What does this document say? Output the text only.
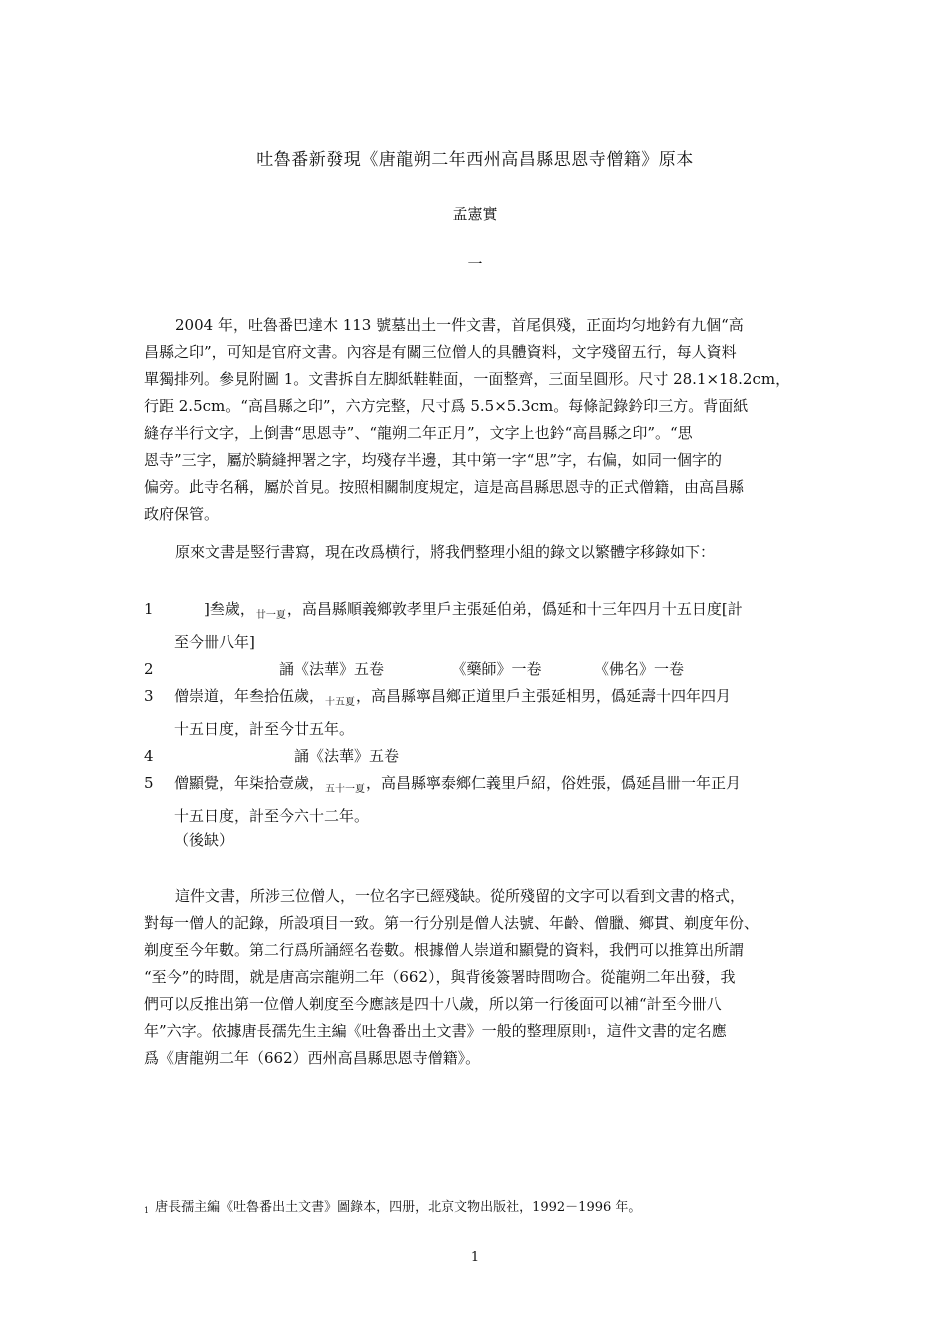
吐魯番新發現《唐龍朔二年西州高昌縣思恩寺僧籍》原本
孟憲實
一
2004 年，吐魯番巴達木 113 號墓出土一件文書，首尾俱殘，正面均匀地鈐有九個“高
昌縣之印”，可知是官府文書。內容是有關三位僧人的具體資料，文字殘留五行，每人資料
單獨排列。參見附圖 1。文書拆自左脚紙鞋鞋面，一面整齊，三面呈圓形。尺寸 28.1×18.2cm，
行距 2.5cm。“高昌縣之印”，六方完整，尺寸爲 5.5×5.3cm。每條記錄鈐印三方。背面紙
縫存半行文字，上倒書“思恩寺”、“龍朔二年正月”，文字上也鈐“高昌縣之印”。“思
恩寺”三字，屬於騎縫押署之字，均殘存半邊，其中第一字“思”字，右偏，如同一個字的
偏旁。此寺名稱，屬於首見。按照相關制度規定，這是高昌縣思恩寺的正式僧籍，由高昌縣
政府保管。
原來文書是竪行書寫，現在改爲横行，將我們整理小組的錄文以繁體字移錄如下：
1	　　]叁歲，$_{廿一夏}$，高昌縣順義鄉敦孝里戶主張延伯弟，僞延和十三年四月十五日度[計
至今卌八年]
2	　　　　　　　誦《法華》五卷　　　　　《藥師》一卷　　　　《佛名》一卷
3	僧崇道，年叁拾伍歲，$_{十五夏}$，高昌縣寧昌鄉正道里戶主張延相男，僞延壽十四年四月
十五日度，計至今廿五年。
4	　　　　　　　　誦《法華》五卷
5	僧顯覺，年柒拾壹歲，$_{五十一夏}$，高昌縣寧泰鄉仁義里戶紹，俗姓張，僞延昌卌一年正月
十五日度，計至今六十二年。
（後缺）
這件文書，所涉三位僧人，一位名字已經殘缺。從所殘留的文字可以看到文書的格式，
對每一僧人的記錄，所設項目一致。第一行分别是僧人法號、年齡、僧臘、鄉貫、剃度年份、
剃度至今年數。第二行爲所誦經名卷數。根據僧人崇道和顯覺的資料，我們可以推算出所謂
“至今”的時間，就是唐高宗龍朔二年（662），與背後簽署時間吻合。從龍朔二年出發，我
們可以反推出第一位僧人剃度至今應該是四十八歲，所以第一行後面可以補“計至今卌八
年”六字。依據唐長孺先生主編《吐魯番出土文書》一般的整理原則1，這件文書的定名應
爲《唐龍朔二年（662）西州高昌縣思恩寺僧籍》。
1 唐長孺主編《吐魯番出土文書》圖錄本，四册，北京文物出版社，1992－1996 年。
1
